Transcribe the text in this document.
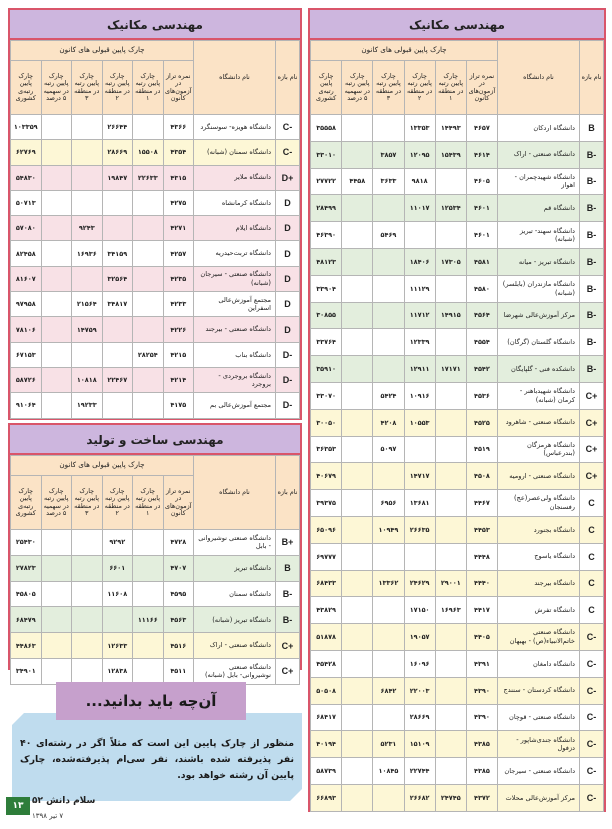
مهندسی مکانیک
نام بازه	نام دانشگاه	چارک پایین قبولی های کانون					
		نمره تراز در آزمون‌های کانون	چارک پایین رتبه در منطقه ۱	چارک پایین رتبه در منطقه ۲	چارک پایین رتبه در منطقه ۳	چارک پایین رتبه در سهمیه ۵ درصد	چارک پایین رتبه‌ی کشوری
B	دانشگاه اردکان	۴۶۵۷	۱۴۴۹۳	۱۳۳۵۳			۳۵۵۵۸
B-	دانشگاه صنعتی - اراک	۴۶۱۴	۱۵۴۳۹	۱۲۰۹۵	۳۸۵۷		۳۳۰۱۰
B-	دانشگاه شهیدچمران - اهواز	۴۶۰۵		۹۸۱۸	۳۶۳۳	۴۴۵۸	۲۷۷۲۲
B-	دانشگاه قم	۴۶۰۱	۱۲۵۳۴	۱۱۰۱۷			۲۸۴۹۹
B-	دانشگاه سهند- تبریز (شبانه)	۴۶۰۱			۵۴۶۹		۴۶۳۹۰
B-	دانشگاه تبریز - میانه	۴۵۸۱	۱۷۳۰۵	۱۸۴۰۶			۴۸۱۲۳
B-	دانشگاه مازندران (بابلسر) (شبانه)	۴۵۸۰		۱۱۱۲۹			۳۳۹۰۴
B-	مرکز آموزش‌عالی شهرضا	۴۵۶۴	۱۴۹۱۵	۱۱۷۱۲			۳۰۸۵۵
B-	دانشگاه گلستان (گرگان)	۴۵۵۴		۱۲۳۳۹			۳۳۷۶۴
B-	دانشکده فنی - گلپایگان	۴۵۴۲	۱۷۱۷۱	۱۲۹۱۱			۳۵۹۱۰
C+	دانشگاه شهیدباهنر - کرمان (شبانه)	۴۵۳۶		۱۰۹۱۶	۵۴۲۴		۳۳۰۷۰
C+	دانشگاه صنعتی - شاهرود	۴۵۲۵		۱۰۵۵۳	۴۲۰۸		۳۰۰۵۰
C+	دانشگاه هرمزگان (بندرعباس)	۴۵۱۹			۵۰۹۷		۳۶۳۵۳
C+	دانشگاه صنعتی - ارومیه	۴۵۰۸		۱۴۷۱۷			۴۰۶۷۹
C	دانشگاه ولی‌عصر(عج) رفسنجان	۴۴۶۷		۱۳۶۸۱	۶۹۵۶		۳۹۳۷۵
C	دانشگاه بجنورد	۴۴۵۳		۲۶۶۳۵	۱۰۹۴۹		۶۵۰۹۶
C	دانشگاه یاسوج	۴۴۴۸					۶۹۷۷۷
C	دانشگاه بیرجند	۴۴۴۰	۲۹۰۰۱	۲۴۶۲۹	۱۳۳۶۲		۶۸۴۳۳
C	دانشگاه تفرش	۴۴۱۷	۱۶۹۶۳	۱۷۱۵۰			۴۳۸۲۹
C-	دانشگاه صنعتی خاتم‌الانبیاء(ص) - بهبهان	۴۴۰۵		۱۹۰۵۷			۵۱۸۷۸
C-	دانشگاه دامغان	۴۳۹۱		۱۶۰۹۶			۴۵۴۲۸
C-	دانشگاه کردستان - سنندج	۴۳۹۰		۲۲۰۰۳	۶۸۴۲		۵۰۵۰۸
C-	دانشگاه صنعتی - قوچان	۴۳۹۰		۲۸۶۶۹			۶۸۴۱۷
C-	دانشگاه جندی‌شاپور - دزفول	۴۳۸۵		۱۵۱۰۹	۵۲۳۱		۴۰۱۹۴
C-	دانشگاه صنعتی - سیرجان	۴۳۸۵		۲۲۷۴۴	۱۰۸۴۵		۵۸۷۳۹
C-	مرکز آموزش‌عالی محلات	۴۳۷۲	۲۴۷۴۵	۲۶۶۸۲			۶۶۸۹۳
مهندسی مکانیک
نام بازه	نام دانشگاه	چارک پایین قبولی های کانون					
		نمره تراز در آزمون‌های کانون	چارک پایین رتبه در منطقه ۱	چارک پایین رتبه در منطقه ۲	چارک پایین رتبه در منطقه ۳	چارک پایین رتبه در سهمیه ۵ درصد	چارک پایین رتبه‌ی کشوری
C-	دانشگاه هویزه- سوسنگرد	۴۳۶۶		۲۶۶۴۴			۱۰۳۳۵۹
C-	دانشگاه سمنان (شبانه)	۴۳۵۴	۱۵۵۰۸	۲۸۶۶۹			۶۲۷۶۹
D+	دانشگاه ملایر	۴۳۱۵	۲۲۶۳۳	۱۹۸۴۷			۵۴۸۳۰
D	دانشگاه کرمانشاه	۴۲۷۵					۵۰۷۱۳
D	دانشگاه ایلام	۴۲۷۱			۹۲۴۳		۵۷۰۸۰
D	دانشگاه تربت‌حیدریه	۴۲۵۷		۳۴۱۵۹	۱۶۹۳۶		۸۲۴۵۸
D	دانشگاه صنعتی - سیرجان (شبانه)	۴۲۳۵		۳۲۵۶۴			۸۱۶۰۷
D	مجتمع آموزش‌عالی اسفراین	۴۲۳۳		۳۴۸۱۷	۲۱۵۶۴		۹۷۹۵۸
D	دانشگاه صنعتی - بیرجند	۴۲۲۶			۱۴۷۵۹		۷۸۱۰۶
D-	دانشگاه بناب	۴۲۱۵	۲۸۲۵۴				۶۷۱۵۳
D-	دانشگاه بروجردی - بروجرد	۴۲۱۴		۲۲۴۶۷	۱۰۸۱۸		۵۸۷۲۶
D-	مجتمع آموزش‌عالی بم	۴۱۷۵			۱۹۲۳۳		۹۱۰۶۴
مهندسی ساخت و تولید
نام بازه	نام دانشگاه	چارک پایین قبولی های کانون					
		نمره تراز در آزمون‌های کانون	چارک پایین رتبه در منطقه ۱	چارک پایین رتبه در منطقه ۲	چارک پایین رتبه در منطقه ۳	چارک پایین رتبه در سهمیه ۵ درصد	چارک پایین رتبه‌ی کشوری
B+	دانشگاه صنعتی نوشیروانی - بابل	۴۷۲۸		۹۲۹۲			۲۵۴۳۰
B	دانشگاه تبریز	۴۷۰۷		۶۶۰۱			۲۷۸۲۳
B-	دانشگاه سمنان	۴۵۹۵		۱۱۶۰۸			۴۵۸۰۵
B-	دانشگاه تبریز (شبانه)	۴۵۶۳	۱۱۱۶۶				۶۸۴۷۹
C+	دانشگاه صنعتی - اراک	۴۵۱۶		۱۲۶۳۳			۴۴۸۶۳
C+	دانشگاه صنعتی نوشیروانی- بابل (شبانه)	۴۵۱۱		۱۲۸۳۸			۳۴۹۰۱
آن‌چه باید بدانید...
منظور از چارک پایین این است که مثلاً اگر در رشته‌ای ۴۰ نفر پذیرفته شده باشند، نفر سی‌ام پذیرفته‌شده، چارک پایین آن رشته خواهد بود.
۱۳ سلام دانش ۵۲
۷ تیر ۱۳۹۸
